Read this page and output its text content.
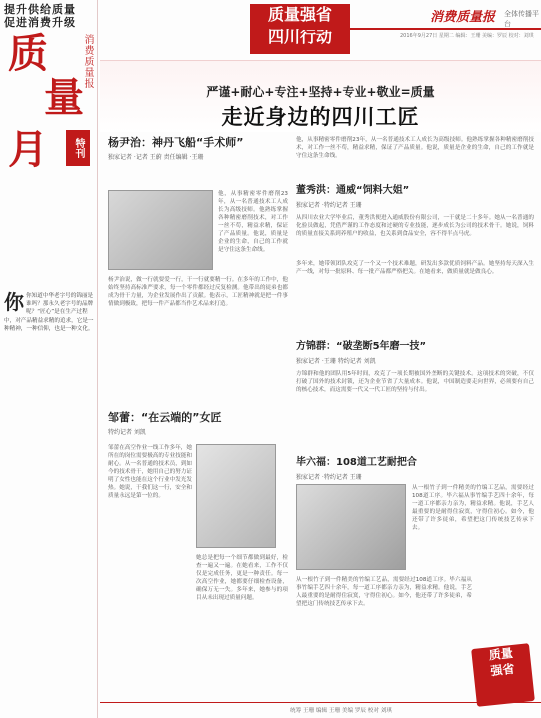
提升供给质量
促进消费升级
质
量
月
消费质量报
特刊
你 你知道中华老字号的锦丽是谁吗？那永久老字号的品牌呢？“匠心”是在生产过程中，对产品精益求精的追求，它是一种精神，一种信仰，也是一种文化。
质量强省
四川行动
消费质量报 全体传播平台
2016年9月27日 星期二 编辑：王珊 美编：罗辰 校对：刘琪
严谨+耐心+专注+坚持+专业+敬业=质量
走近身边的四川工匠
杨尹治：神丹飞船“手术师”
独家记者 ·记者 王蔚 责任编辑 ·王珊
他，从事精密零件磨削23年，从一名普通技术工人成长为高级技师。他熟练掌握各种精密磨削技术，对工作一丝不苟，精益求精，保证了产品质量。他说，质量是企业的生命，自己的工作就是守住这条生命线。
杨尹治说，做一行就要爱一行，干一行就要精一行。在多年的工作中，他始终坚持高标准严要求，每一个零件都经过反复检测。他带出的徒弟也都成为骨干力量，为企业发展作出了贡献。他表示，工匠精神就是把一件事情做到极致，把每一件产品都当作艺术品来打造。
邹蕾：“在云端的”女匠
特约记者 刘凯
邹蕾在高空作业一线工作多年，她所在的岗位需要极高的专业技能和耐心。从一名普通的技术员，到如今的技术骨干，她用自己的努力证明了女性也能在这个行业中发光发热。她说，干我们这一行，安全和质量永远是第一位的。
她总是把每一个细节都做到最好，检查一遍又一遍。在她看来，工作不仅仅是完成任务，更是一种责任。每一次高空作业，她都要仔细检查设备，确保万无一失。多年来，她参与的项目从未出现过质量问题。
他，从事精密零件磨削23年，从一名普通技术工人成长为高级技师。他熟练掌握各种精密磨削技术，对工作一丝不苟，精益求精，保证了产品质量。他说，质量是企业的生命，自己的工作就是守住这条生命线。
董秀洪：通威“饲料大姐”
独家记者 ·特约记者 王珊
从四川农业大学毕业后，董秀洪便进入通威股份有限公司，一干就是二十多年。她从一名普通的化验员做起，凭借严谨的工作态度和过硬的专业技能，逐步成长为公司的技术骨干。她说，饲料的质量直接关系到养殖户的收益，也关系到食品安全，容不得半点马虎。
多年来，她带领团队攻克了一个又一个技术难题，研发出多款优质饲料产品。她坚持每天深入生产一线，对每一批原料、每一批产品都严格把关。在她看来，做质量就是做良心。
方锦群：“破垄断5年磨一技”
独家记者 ·王珊 特约记者 刘凯
方锦群和他的团队用5年时间，攻克了一项长期被国外垄断的关键技术。这项技术的突破，不仅打破了国外的技术封锁，还为企业节省了大量成本。他说，中国制造要走向世界，必须要有自己的核心技术，而这需要一代又一代工匠的坚持与付出。
毕六福：108道工艺耐把合
独家记者 ·特约记者 王珊
从一根竹子到一件精美的竹编工艺品，需要经过108道工序。毕六福从事竹编手艺四十余年，每一道工序都亲力亲为，精益求精。他说，手艺人最重要的是耐得住寂寞，守得住初心。如今，他还带了许多徒弟，希望把这门传统技艺传承下去。
从一根竹子到一件精美的竹编工艺品，需要经过108道工序。毕六福从事竹编手艺四十余年，每一道工序都亲力亲为，精益求精。他说，手艺人最重要的是耐得住寂寞，守得住初心。如今，他还带了许多徒弟，希望把这门传统技艺传承下去。
质量
强省
统筹 王珊 编辑 王珊 美编 罗辰 校对 刘琪
